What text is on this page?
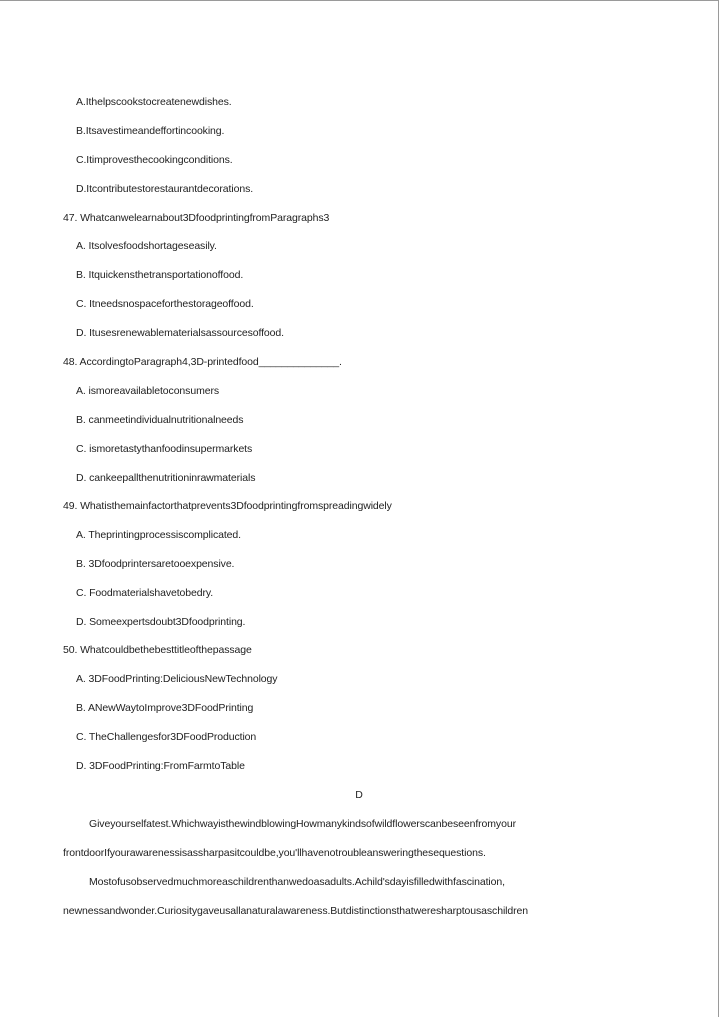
A.Ithelpscookstocreatenewdishes.
B.Itsavestimeandeffortincooking.
C.Itimprovesthecookingconditions.
D.Itcontributestorestaurantdecorations.
47. Whatcanwelearnabout3DfoodprintingfromParagraphs3
A. Itsolvesfoodshortageseasily.
B. Itquickensthetransportationoffood.
C. Itneedsnospaceforthestorageoffood.
D. Itusesrenewablematerialsassourcesoffood.
48. AccordingtoParagraph4,3D-printedfood______________.
A. ismoreavailabletoconsumers
B. canmeetindividualnutritionalneeds
C. ismoretastythanfoodinsupermarkets
D. cankeepallthenutritioninrawmaterials
49. Whatisthemainfactorthatprevents3Dfoodprintingfromspreadingwidely
A. Theprintingprocessiscomplicated.
B. 3Dfoodprintersaretooexpensive.
C. Foodmaterialshavetobedry.
D. Someexpertsdoubt3Dfoodprinting.
50. Whatcouldbethebesttitleofthepassage
A. 3DFoodPrinting:DeliciousNewTechnology
B. ANewWaytoImprove3DFoodPrinting
C. TheChallengesfor3DFoodProduction
D. 3DFoodPrinting:FromFarmtoTable
D
Giveyourselfatest.WhichwayisthewindblowingHowmanykindsofwildflowerscanbeseenfromyour
frontdoorIfyourawarenessisassharpasitcouldbe,you'llhavenotroubleansweringthesequestions.
Mostofusobservedmuchmoreaschildrenthanwedoasadults.Achild'sdayisfilledwithfascination,
newnessandwonder.Curiositygaveusallanaturalawareness.Butdistinctionsthatweresharptousaschildren
